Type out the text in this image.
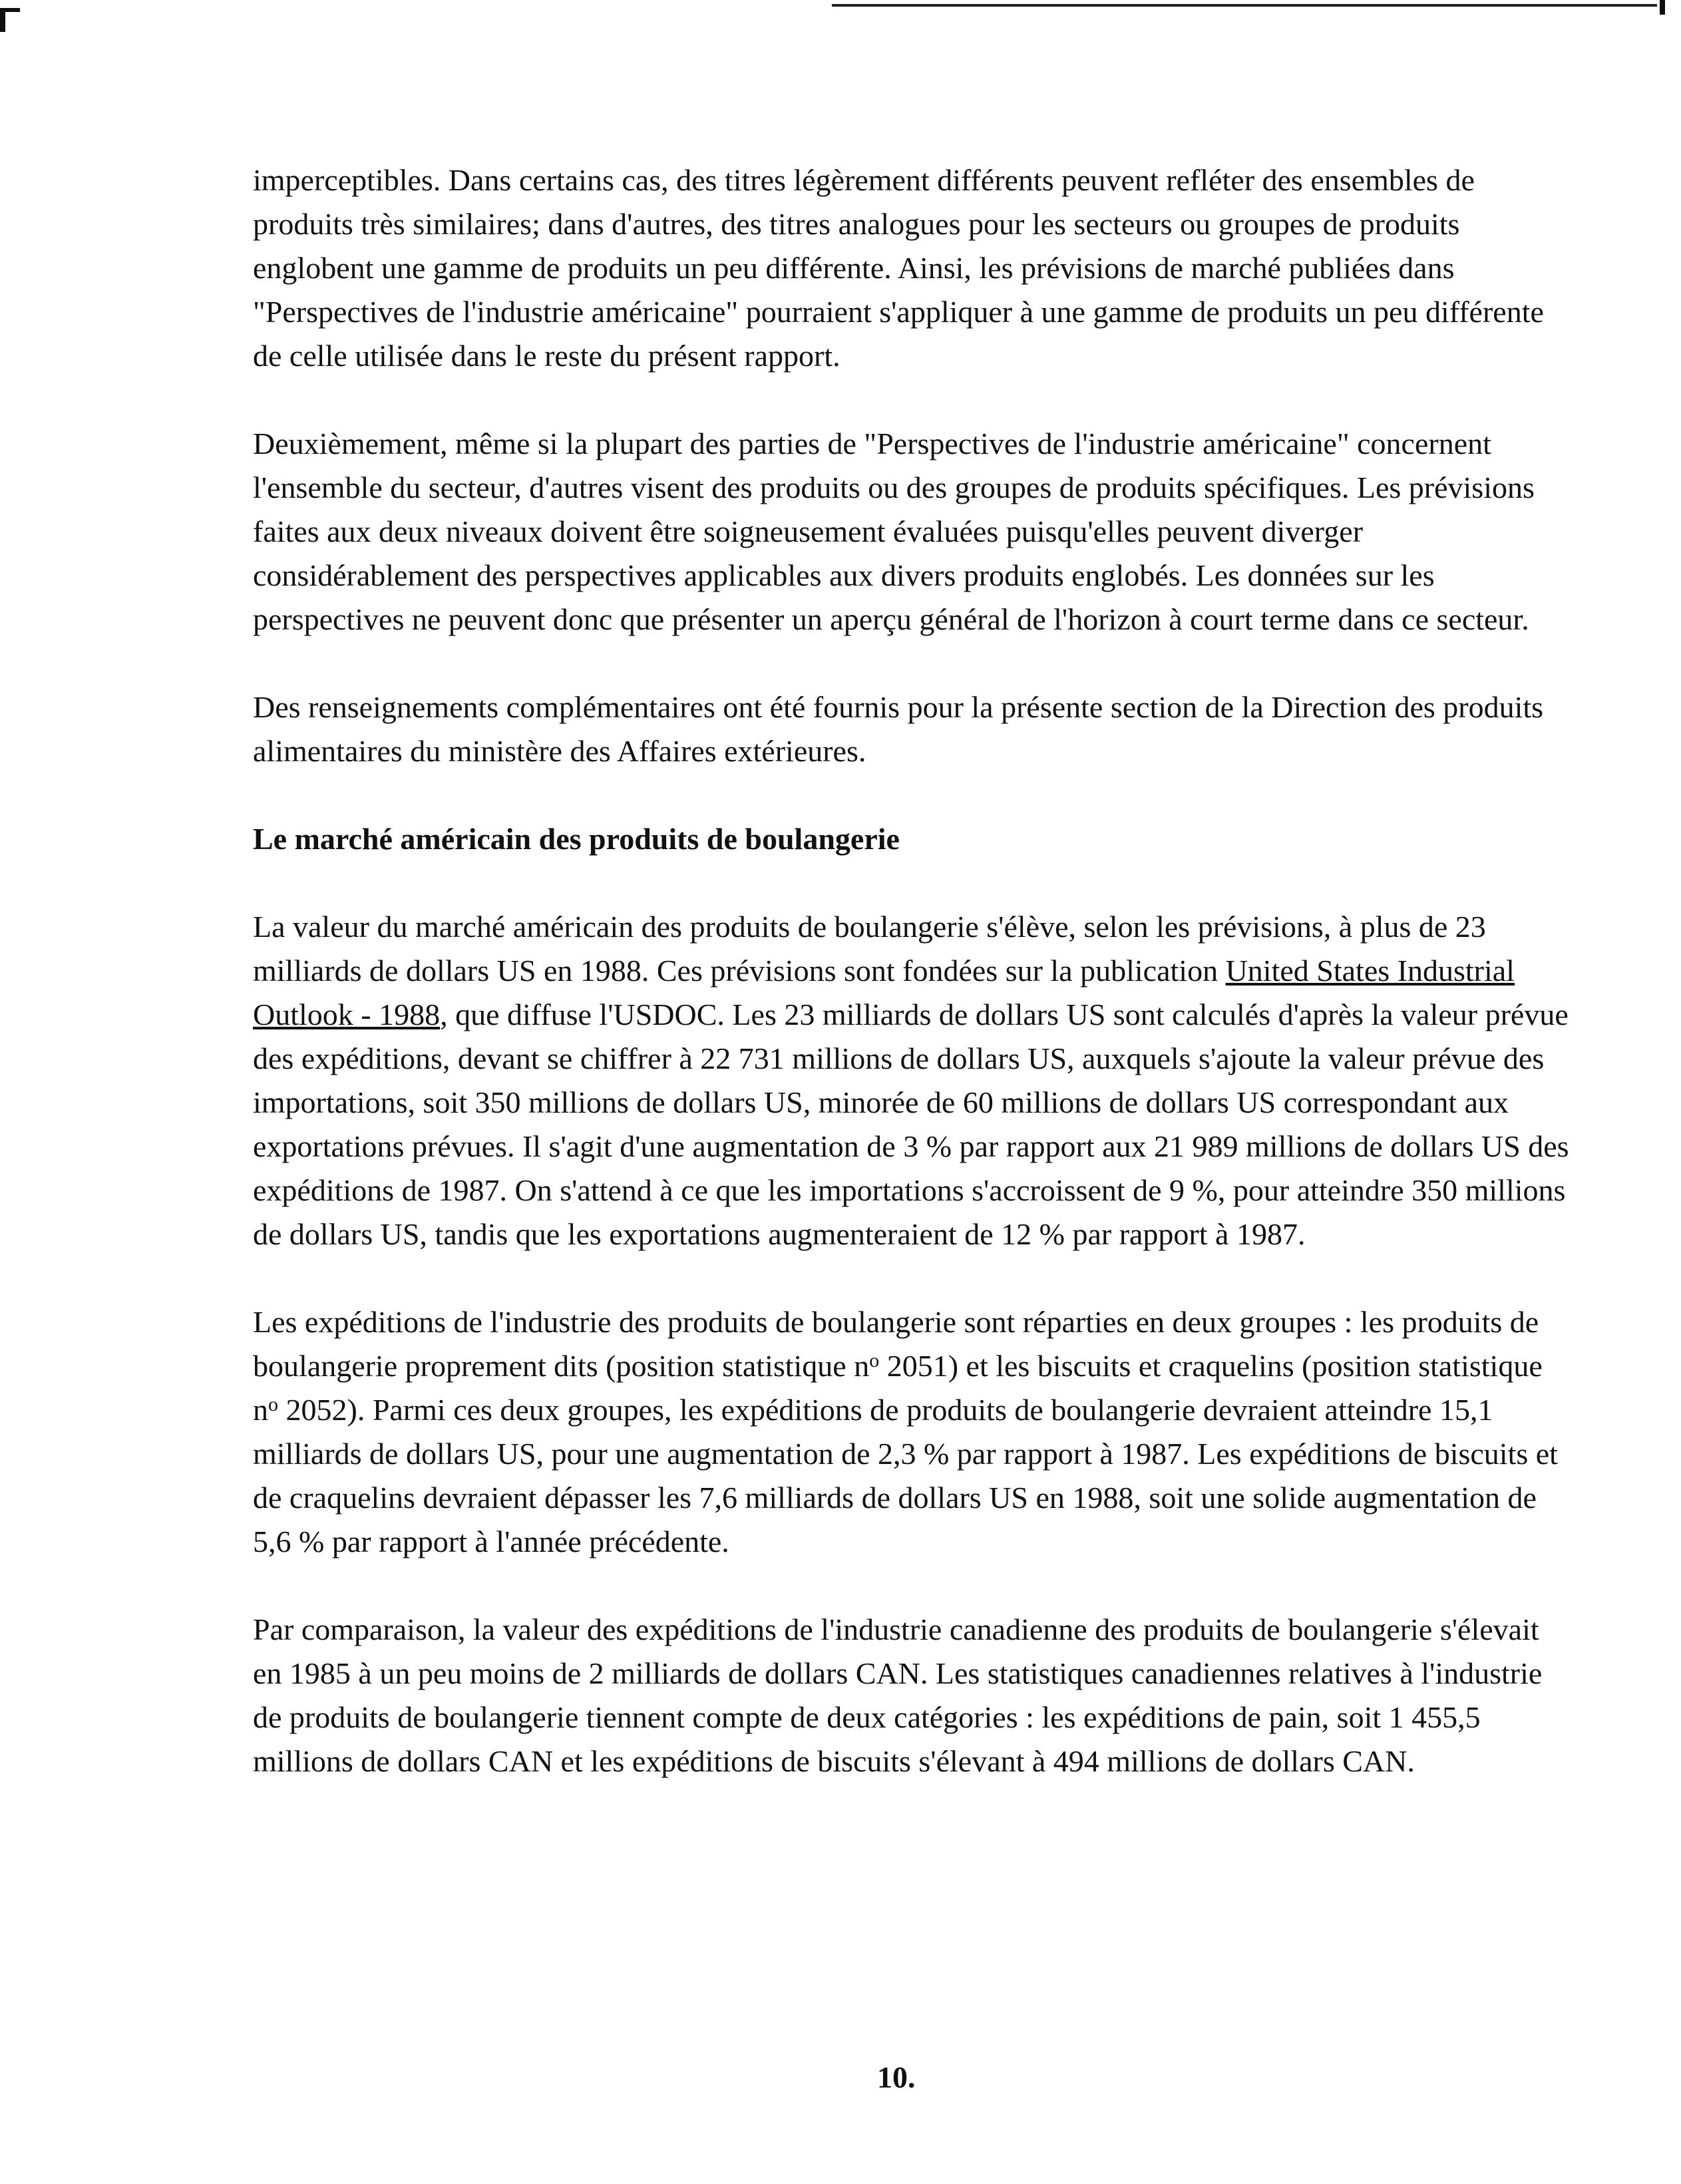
imperceptibles. Dans certains cas, des titres légèrement différents peuvent refléter des ensembles de produits très similaires; dans d'autres, des titres analogues pour les secteurs ou groupes de produits englobent une gamme de produits un peu différente. Ainsi, les prévisions de marché publiées dans "Perspectives de l'industrie américaine" pourraient s'appliquer à une gamme de produits un peu différente de celle utilisée dans le reste du présent rapport.

Deuxièmement, même si la plupart des parties de "Perspectives de l'industrie américaine" concernent l'ensemble du secteur, d'autres visent des produits ou des groupes de produits spécifiques. Les prévisions faites aux deux niveaux doivent être soigneusement évaluées puisqu'elles peuvent diverger considérablement des perspectives applicables aux divers produits englobés. Les données sur les perspectives ne peuvent donc que présenter un aperçu général de l'horizon à court terme dans ce secteur.

Des renseignements complémentaires ont été fournis pour la présente section de la Direction des produits alimentaires du ministère des Affaires extérieures.

Le marché américain des produits de boulangerie

La valeur du marché américain des produits de boulangerie s'élève, selon les prévisions, à plus de 23 milliards de dollars US en 1988. Ces prévisions sont fondées sur la publication United States Industrial Outlook - 1988, que diffuse l'USDOC. Les 23 milliards de dollars US sont calculés d'après la valeur prévue des expéditions, devant se chiffrer à 22 731 millions de dollars US, auxquels s'ajoute la valeur prévue des importations, soit 350 millions de dollars US, minorée de 60 millions de dollars US correspondant aux exportations prévues. Il s'agit d'une augmentation de 3 % par rapport aux 21 989 millions de dollars US des expéditions de 1987. On s'attend à ce que les importations s'accroissent de 9 %, pour atteindre 350 millions de dollars US, tandis que les exportations augmenteraient de 12 % par rapport à 1987.

Les expéditions de l'industrie des produits de boulangerie sont réparties en deux groupes : les produits de boulangerie proprement dits (position statistique $n^o$ 2051) et les biscuits et craquelins (position statistique $n^o$ 2052). Parmi ces deux groupes, les expéditions de produits de boulangerie devraient atteindre 15,1 milliards de dollars US, pour une augmentation de 2,3 % par rapport à 1987. Les expéditions de biscuits et de craquelins devraient dépasser les 7,6 milliards de dollars US en 1988, soit une solide augmentation de 5,6 % par rapport à l'année précédente.

Par comparaison, la valeur des expéditions de l'industrie canadienne des produits de boulangerie s'élevait en 1985 à un peu moins de 2 milliards de dollars CAN. Les statistiques canadiennes relatives à l'industrie de produits de boulangerie tiennent compte de deux catégories : les expéditions de pain, soit 1 455,5 millions de dollars CAN et les expéditions de biscuits s'élevant à 494 millions de dollars CAN.

10.
